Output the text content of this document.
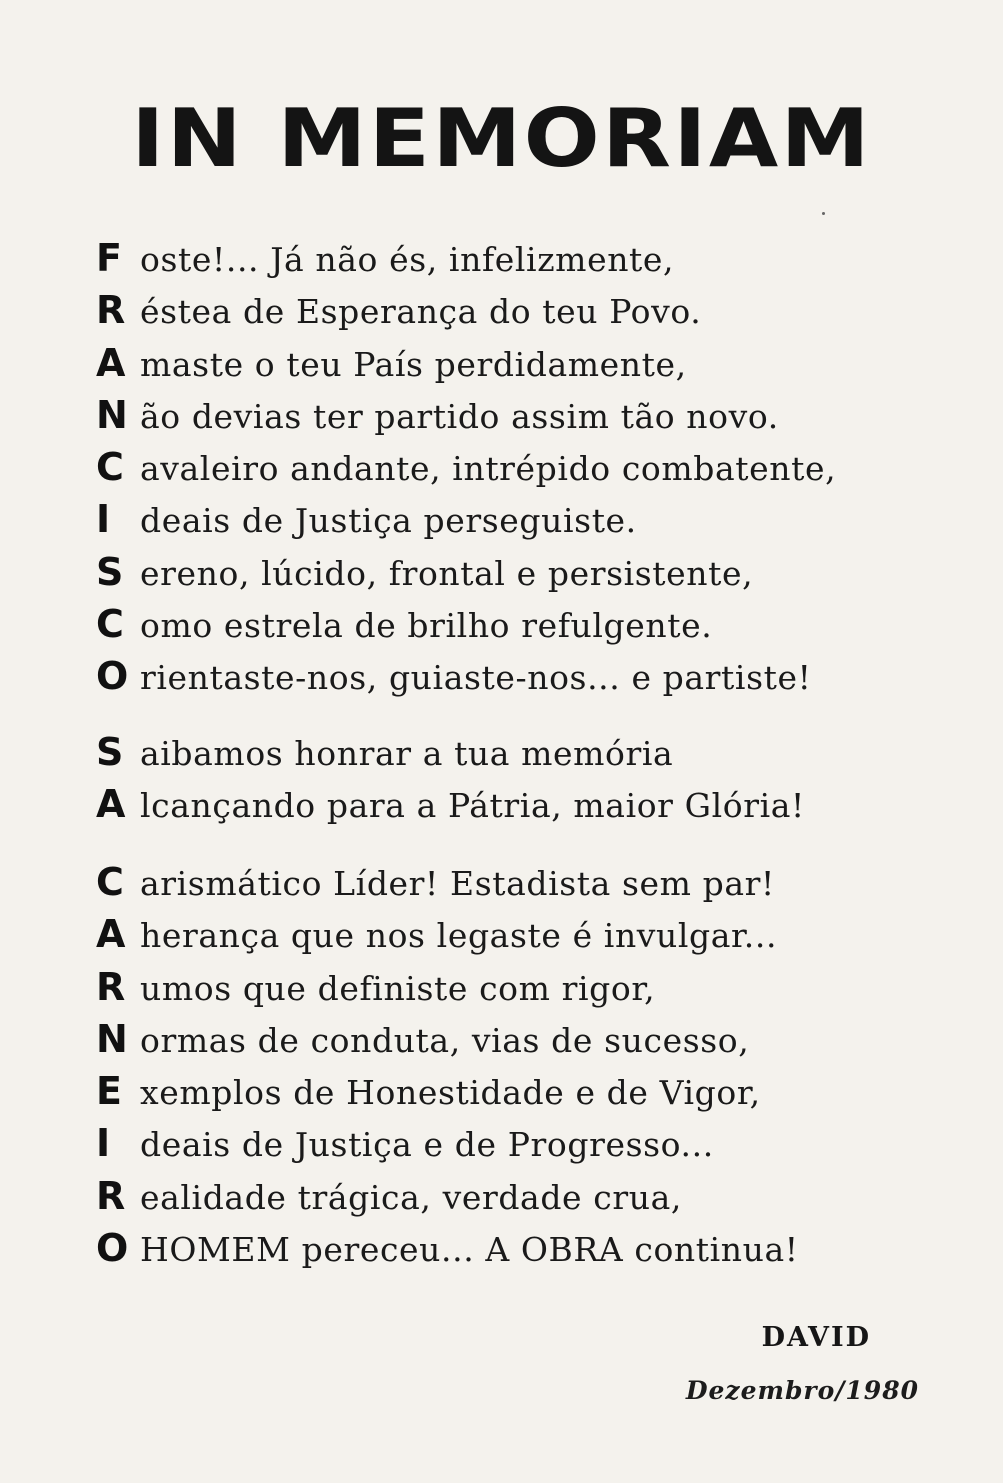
IN MEMORIAM
F oste!... Já não és, infelizmente,
R éstea de Esperança do teu Povo.
A maste o teu País perdidamente,
N ão devias ter partido assim tão novo.
C avaleiro andante, intrépido combatente,
I deais de Justiça perseguiste.
S ereno, lúcido, frontal e persistente,
C omo estrela de brilho refulgente.
O rientaste-nos, guiaste-nos... e partiste!
S aibamos honrar a tua memória
A lcançando para a Pátria, maior Glória!
C arismático Líder! Estadista sem par!
A herança que nos legaste é invulgar...
R umos que definiste com rigor,
N ormas de conduta, vias de sucesso,
E xemplos de Honestidade e de Vigor,
I deais de Justiça e de Progresso...
R ealidade trágica, verdade crua,
O HOMEM pereceu... A OBRA continua!
DAVID
Dezembro/1980
